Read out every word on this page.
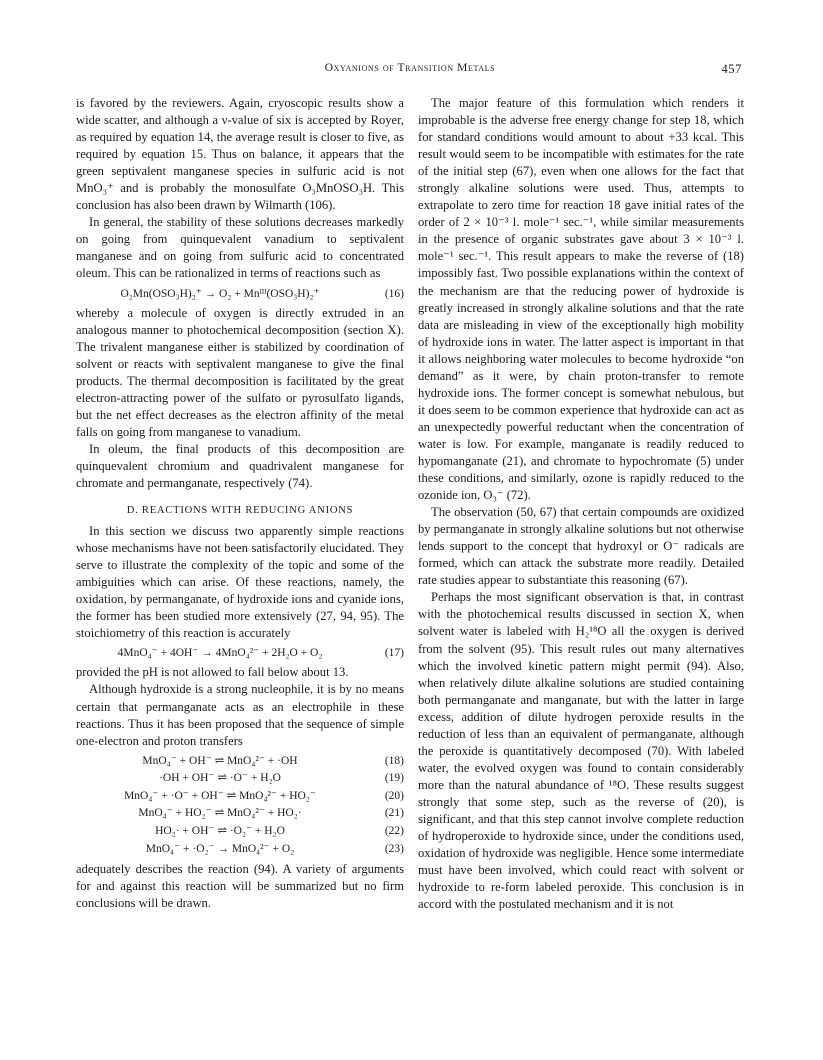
Oxyanions of Transition Metals	457

is favored by the reviewers. Again, cryoscopic results show a wide scatter, and although a ν-value of six is accepted by Royer, as required by equation 14, the average result is closer to five, as required by equation 15. Thus on balance, it appears that the green septivalent manganese species in sulfuric acid is not MnO₃⁺ and is probably the monosulfate O₃MnOSO₃H. This conclusion has also been drawn by Wilmarth (106).

In general, the stability of these solutions decreases markedly on going from quinquevalent vanadium to septivalent manganese and on going from sulfuric acid to concentrated oleum. This can be rationalized in terms of reactions such as

O₂Mn(OSO₃H)₂⁺ → O₂ + Mnᴵᴵᴵ(OSO₃H)₂⁺	(16)

whereby a molecule of oxygen is directly extruded in an analogous manner to photochemical decomposition (section X). The trivalent manganese either is stabilized by coordination of solvent or reacts with septivalent manganese to give the final products. The thermal decomposition is facilitated by the great electron-attracting power of the sulfato or pyrosulfato ligands, but the net effect decreases as the electron affinity of the metal falls on going from manganese to vanadium.

In oleum, the final products of this decomposition are quinquevalent chromium and quadrivalent manganese for chromate and permanganate, respectively (74).

D. REACTIONS WITH REDUCING ANIONS

In this section we discuss two apparently simple reactions whose mechanisms have not been satisfactorily elucidated. They serve to illustrate the complexity of the topic and some of the ambiguities which can arise. Of these reactions, namely, the oxidation, by permanganate, of hydroxide ions and cyanide ions, the former has been studied more extensively (27, 94, 95). The stoichiometry of this reaction is accurately

4MnO₄⁻ + 4OH⁻ → 4MnO₄²⁻ + 2H₂O + O₂	(17)

provided the pH is not allowed to fall below about 13.

Although hydroxide is a strong nucleophile, it is by no means certain that permanganate acts as an electrophile in these reactions. Thus it has been proposed that the sequence of simple one-electron and proton transfers

MnO₄⁻ + OH⁻ ⇌ MnO₄²⁻ + ·OH	(18)
·OH + OH⁻ ⇌ ·O⁻ + H₂O	(19)
MnO₄⁻ + ·O⁻ + OH⁻ ⇌ MnO₄²⁻ + HO₂⁻	(20)
MnO₄⁻ + HO₂⁻ ⇌ MnO₄²⁻ + HO₂·	(21)
HO₂· + OH⁻ ⇌ ·O₂⁻ + H₂O	(22)
MnO₄⁻ + ·O₂⁻ → MnO₄²⁻ + O₂	(23)

adequately describes the reaction (94). A variety of arguments for and against this reaction will be summarized but no firm conclusions will be drawn.

The major feature of this formulation which renders it improbable is the adverse free energy change for step 18, which for standard conditions would amount to about +33 kcal. This result would seem to be incompatible with estimates for the rate of the initial step (67), even when one allows for the fact that strongly alkaline solutions were used. Thus, attempts to extrapolate to zero time for reaction 18 gave initial rates of the order of 2 × 10⁻³ l. mole⁻¹ sec.⁻¹, while similar measurements in the presence of organic substrates gave about 3 × 10⁻³ l. mole⁻¹ sec.⁻¹. This result appears to make the reverse of (18) impossibly fast. Two possible explanations within the context of the mechanism are that the reducing power of hydroxide is greatly increased in strongly alkaline solutions and that the rate data are misleading in view of the exceptionally high mobility of hydroxide ions in water. The latter aspect is important in that it allows neighboring water molecules to become hydroxide “on demand” as it were, by chain proton-transfer to remote hydroxide ions. The former concept is somewhat nebulous, but it does seem to be common experience that hydroxide can act as an unexpectedly powerful reductant when the concentration of water is low. For example, manganate is readily reduced to hypomanganate (21), and chromate to hypochromate (5) under these conditions, and similarly, ozone is rapidly reduced to the ozonide ion, O₃⁻ (72).

The observation (50, 67) that certain compounds are oxidized by permanganate in strongly alkaline solutions but not otherwise lends support to the concept that hydroxyl or O⁻ radicals are formed, which can attack the substrate more readily. Detailed rate studies appear to substantiate this reasoning (67).

Perhaps the most significant observation is that, in contrast with the photochemical results discussed in section X, when solvent water is labeled with H₂¹⁸O all the oxygen is derived from the solvent (95). This result rules out many alternatives which the involved kinetic pattern might permit (94). Also, when relatively dilute alkaline solutions are studied containing both permanganate and manganate, but with the latter in large excess, addition of dilute hydrogen peroxide results in the reduction of less than an equivalent of permanganate, although the peroxide is quantitatively decomposed (70). With labeled water, the evolved oxygen was found to contain considerably more than the natural abundance of ¹⁸O. These results suggest strongly that some step, such as the reverse of (20), is significant, and that this step cannot involve complete reduction of hydroperoxide to hydroxide since, under the conditions used, oxidation of hydroxide was negligible. Hence some intermediate must have been involved, which could react with solvent or hydroxide to re-form labeled peroxide. This conclusion is in accord with the postulated mechanism and it is not
